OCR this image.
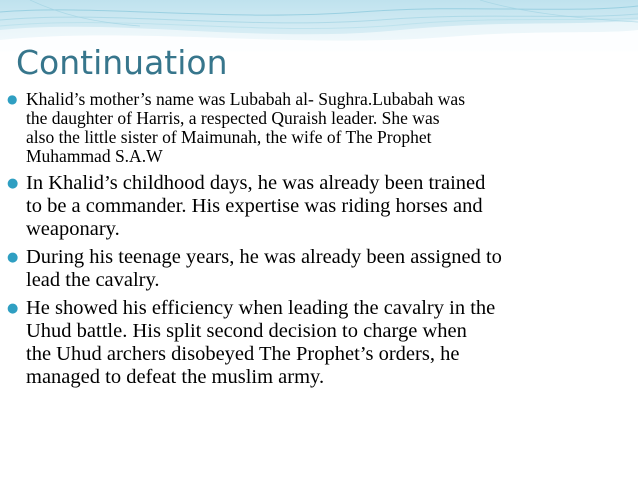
Continuation
● Khalid’s mother’s name was Lubabah al- Sughra.Lubabah was
the daughter of Harris, a respected Quraish leader. She was
also the little sister of Maimunah, the wife of The Prophet
Muhammad S.A.W
● In Khalid’s childhood days, he was already been trained
to be a commander. His expertise was riding horses and
weaponary.
● During his teenage years, he was already been assigned to
lead the cavalry.
● He showed his efficiency when leading the cavalry in the
Uhud battle. His split second decision to charge when
the Uhud archers disobeyed The Prophet’s orders, he
managed to defeat the muslim army.
